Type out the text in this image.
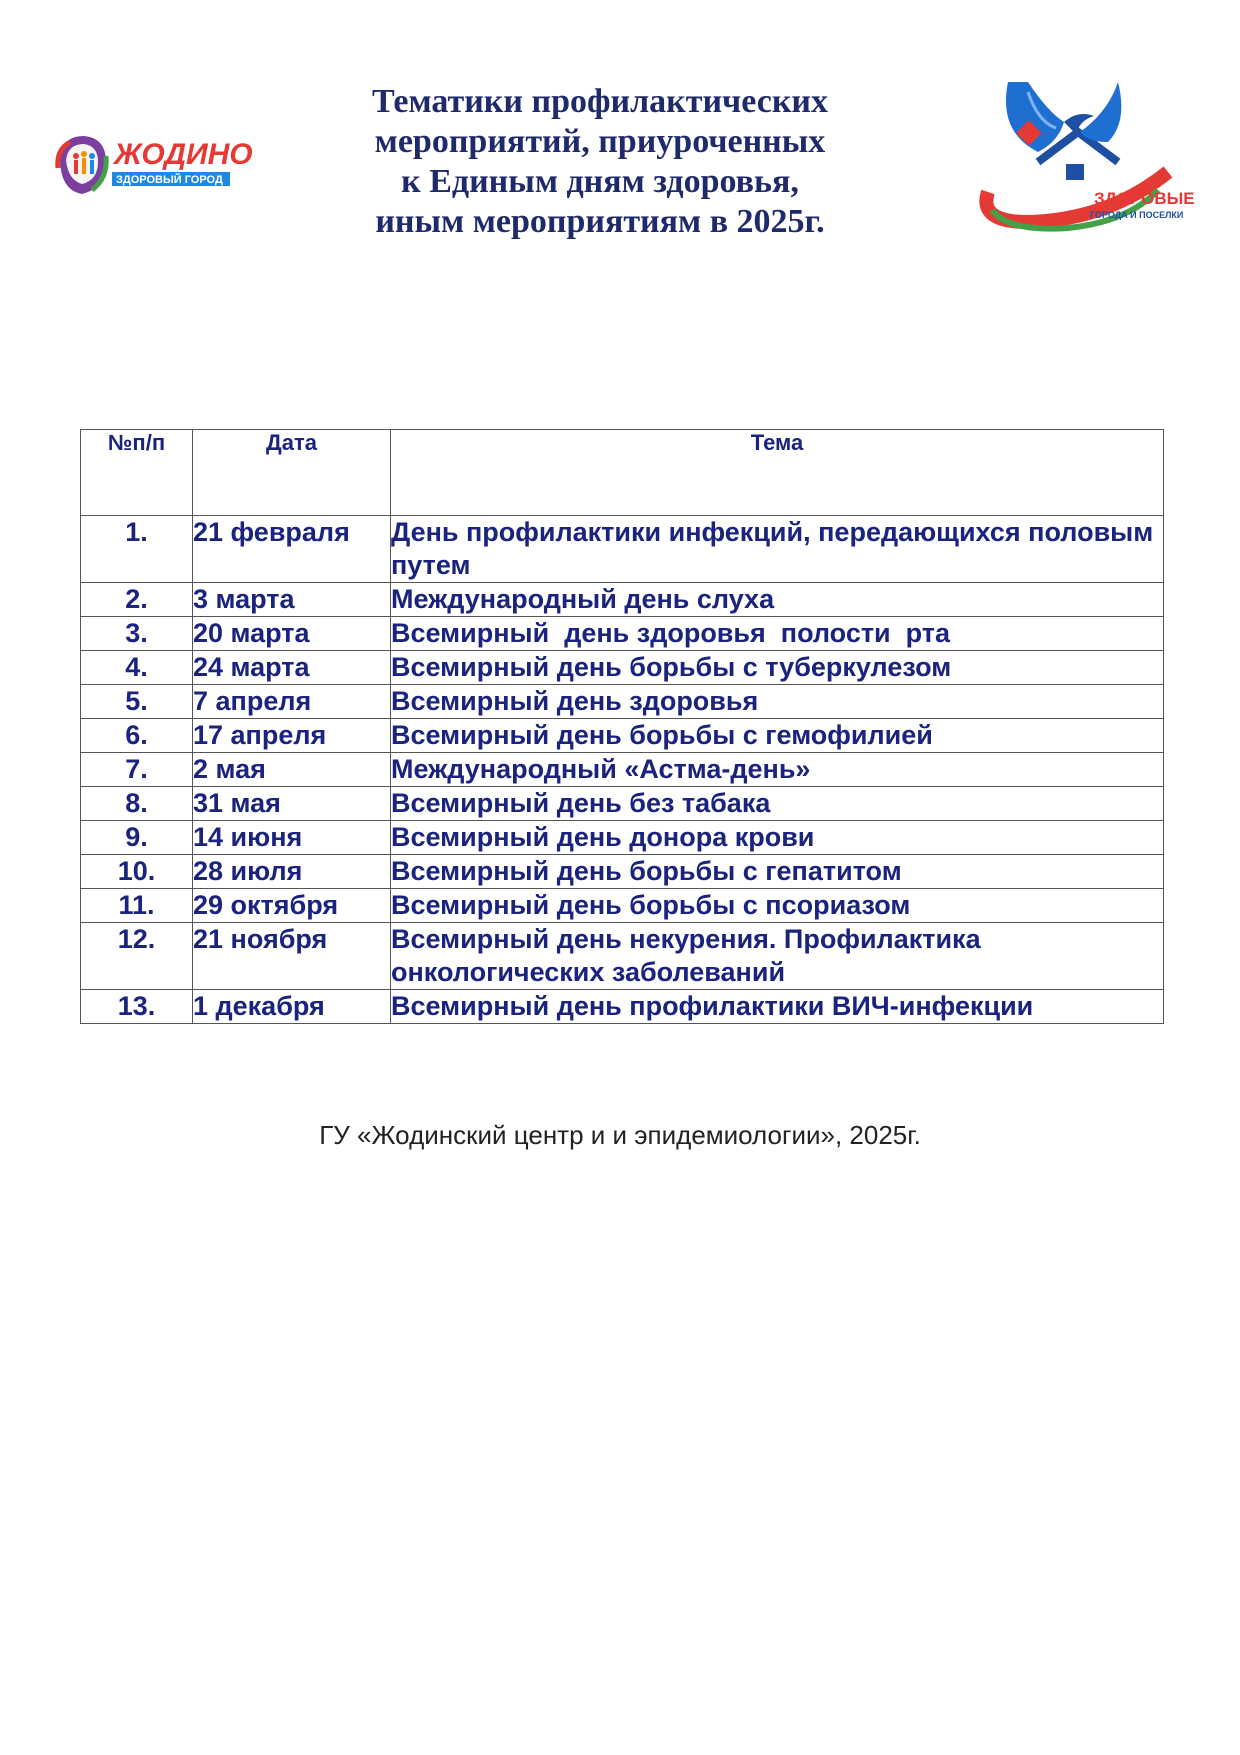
ЖОДИНО
ЗДОРОВЫЙ ГОРОД
Тематики профилактических
мероприятий, приуроченных
к Единым дням здоровья,
иным мероприятиям в 2025г.
ЗДОРОВЫЕ
ГОРОДА И ПОСЕЛКИ
№п/п	Дата	Тема
1.	21 февраля	День профилактики инфекций, передающихся половым путем
2.	3 марта	Международный день слуха
3.	20 марта	Всемирный  день здоровья  полости  рта
4.	24 марта	Всемирный день борьбы с туберкулезом
5.	7 апреля	Всемирный день здоровья
6.	17 апреля	Всемирный день борьбы с гемофилией
7.	2 мая	Международный «Астма-день»
8.	31 мая	Всемирный день без табака
9.	14 июня	Всемирный день донора крови
10.	28 июля	Всемирный день борьбы с гепатитом
11.	29 октября	Всемирный день борьбы с псориазом
12.	21 ноября	Всемирный день некурения. Профилактика онкологических заболеваний
13.	1 декабря	Всемирный день профилактики ВИЧ-инфекции
ГУ «Жодинский центр и и эпидемиологии», 2025г.
